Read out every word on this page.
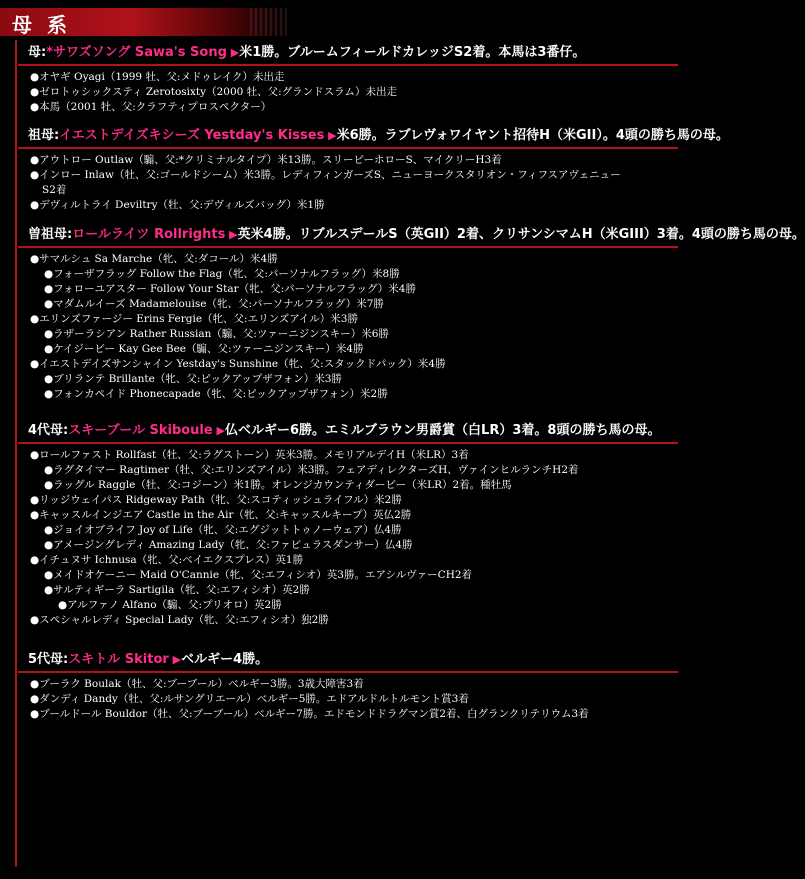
母 系
母:*サワズソング Sawa's Song ▶米1勝。ブルームフィールドカレッジS2着。本馬は3番仔。
●オヤギ Oyagi（1999 牡、父:メドゥレイク）未出走
●ゼロトゥシックスティ Zerotosixty（2000 牡、父:グランドスラム）未出走
●本馬（2001 牡、父:クラフティプロスペクター）
祖母:イエストデイズキシーズ Yestday's Kisses ▶米6勝。ラブレヴォワイヤント招待H（米GII）。4頭の勝ち馬の母。
●アウトロー Outlaw（騸、父:*クリミナルタイプ）米13勝。スリーピーホローS、マイクリーH3着
●インロー Inlaw（牡、父:ゴールドシーム）米3勝。レディフィンガーズS、ニューヨークスタリオン・フィフスアヴェニュー
S2着
●デヴィルトライ Deviltry（牡、父:デヴィルズバッグ）米1勝
曽祖母:ロールライツ Rollrights ▶英米4勝。リブルスデールS（英GII）2着、クリサンシマムH（米GIII）3着。4頭の勝ち馬の母。
●サマルシュ Sa Marche（牝、父:ダコール）米4勝
●フォーザフラッグ Follow the Flag（牝、父:パーソナルフラッグ）米8勝
●フォローユアスター Follow Your Star（牝、父:パーソナルフラッグ）米4勝
●マダムルイーズ Madamelouise（牝、父:パーソナルフラッグ）米7勝
●エリンズファージー Erins Fergie（牝、父:エリンズアイル）米3勝
●ラザーラシアン Rather Russian（騸、父:ツァーニジンスキー）米6勝
●ケイジービー Kay Gee Bee（騸、父:ツァーニジンスキー）米4勝
●イエストデイズサンシャイン Yestday's Sunshine（牝、父:スタックドパック）米4勝
●ブリランテ Brillante（牝、父:ピックアップザフォン）米3勝
●フォンカペイド Phonecapade（牝、父:ピックアップザフォン）米2勝
4代母:スキーブール Skiboule ▶仏ベルギー6勝。エミルブラウン男爵賞（白LR）3着。8頭の勝ち馬の母。
●ロールファスト Rollfast（牡、父:ラグストーン）英米3勝。メモリアルデイH（米LR）3着
●ラグタイマー Ragtimer（牡、父:エリンズアイル）米3勝。フェアディレクターズH、ヴァインヒルランチH2着
●ラッグル Raggle（牡、父:コジーン）米1勝。オレンジカウンティダービー（米LR）2着。種牡馬
●リッジウェイパス Ridgeway Path（牝、父:スコティッシュライフル）米2勝
●キャッスルインジエア Castle in the Air（牝、父:キャッスルキープ）英仏2勝
●ジョイオブライフ Joy of Life（牝、父:エグジットトゥノーウェア）仏4勝
●アメージングレディ Amazing Lady（牝、父:ファビュラスダンサー）仏4勝
●イチュヌサ Ichnusa（牝、父:ベイエクスプレス）英1勝
●メイドオケーニー Maid O'Cannie（牝、父:エフィシオ）英3勝。エアシルヴァーCH2着
●サルティギーラ Sartigila（牝、父:エフィシオ）英2勝
●アルファノ Alfano（騸、父:プリオロ）英2勝
●スペシャルレディ Special Lady（牝、父:エフィシオ）独2勝
5代母:スキトル Skitor ▶ベルギー4勝。
●ブーラク Boulak（牡、父:ブーブール）ベルギー3勝。3歳大障害3着
●ダンディ Dandy（牡、父:ルサングリエール）ベルギー5勝。エドアルドルトルモント賞3着
●ブールドール Bouldor（牡、父:ブーブール）ベルギー7勝。エドモンドドラグマン賞2着、白グランクリテリウム3着
